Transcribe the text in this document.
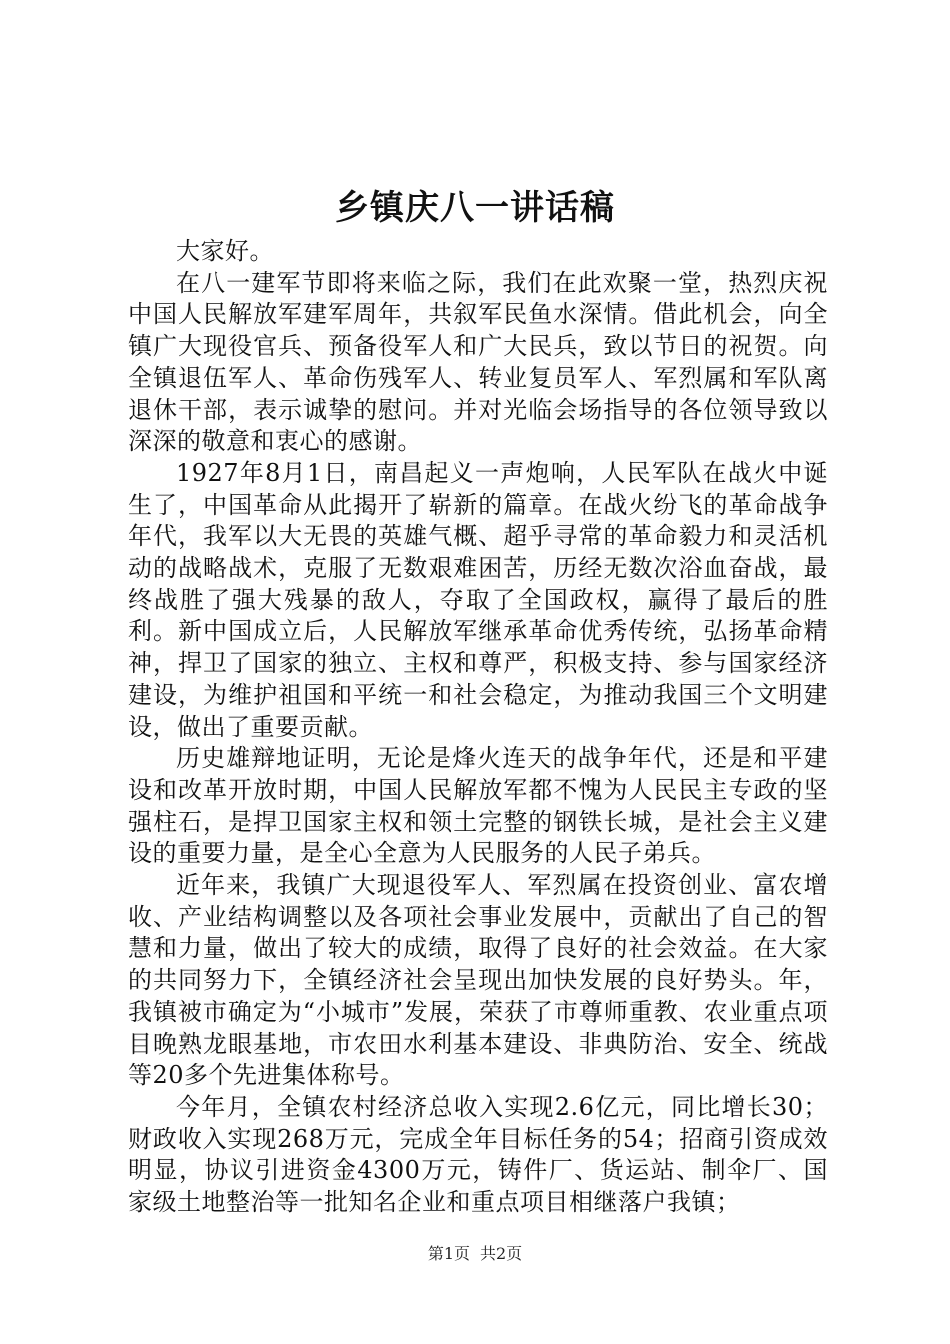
乡镇庆八一讲话稿

大家好。

在八一建军节即将来临之际，我们在此欢聚一堂，热烈庆祝中国人民解放军建军周年，共叙军民鱼水深情。借此机会，向全镇广大现役官兵、预备役军人和广大民兵，致以节日的祝贺。向全镇退伍军人、革命伤残军人、转业复员军人、军烈属和军队离退休干部，表示诚挚的慰问。并对光临会场指导的各位领导致以深深的敬意和衷心的感谢。

1927年8月1日，南昌起义一声炮响，人民军队在战火中诞生了，中国革命从此揭开了崭新的篇章。在战火纷飞的革命战争年代，我军以大无畏的英雄气概、超乎寻常的革命毅力和灵活机动的战略战术，克服了无数艰难困苦，历经无数次浴血奋战，最终战胜了强大残暴的敌人，夺取了全国政权，赢得了最后的胜利。新中国成立后，人民解放军继承革命优秀传统，弘扬革命精神，捍卫了国家的独立、主权和尊严，积极支持、参与国家经济建设，为维护祖国和平统一和社会稳定，为推动我国三个文明建设，做出了重要贡献。

历史雄辩地证明，无论是烽火连天的战争年代，还是和平建设和改革开放时期，中国人民解放军都不愧为人民民主专政的坚强柱石，是捍卫国家主权和领土完整的钢铁长城，是社会主义建设的重要力量，是全心全意为人民服务的人民子弟兵。

近年来，我镇广大现退役军人、军烈属在投资创业、富农增收、产业结构调整以及各项社会事业发展中，贡献出了自己的智慧和力量，做出了较大的成绩，取得了良好的社会效益。在大家的共同努力下，全镇经济社会呈现出加快发展的良好势头。年，我镇被市确定为“小城市”发展，荣获了市尊师重教、农业重点项目晚熟龙眼基地，市农田水利基本建设、非典防治、安全、统战等20多个先进集体称号。

今年月，全镇农村经济总收入实现2.6亿元，同比增长30；财政收入实现268万元，完成全年目标任务的54；招商引资成效明显，协议引进资金4300万元，铸件厂、货运站、制伞厂、国家级土地整治等一批知名企业和重点项目相继落户我镇；

第1页 共2页
